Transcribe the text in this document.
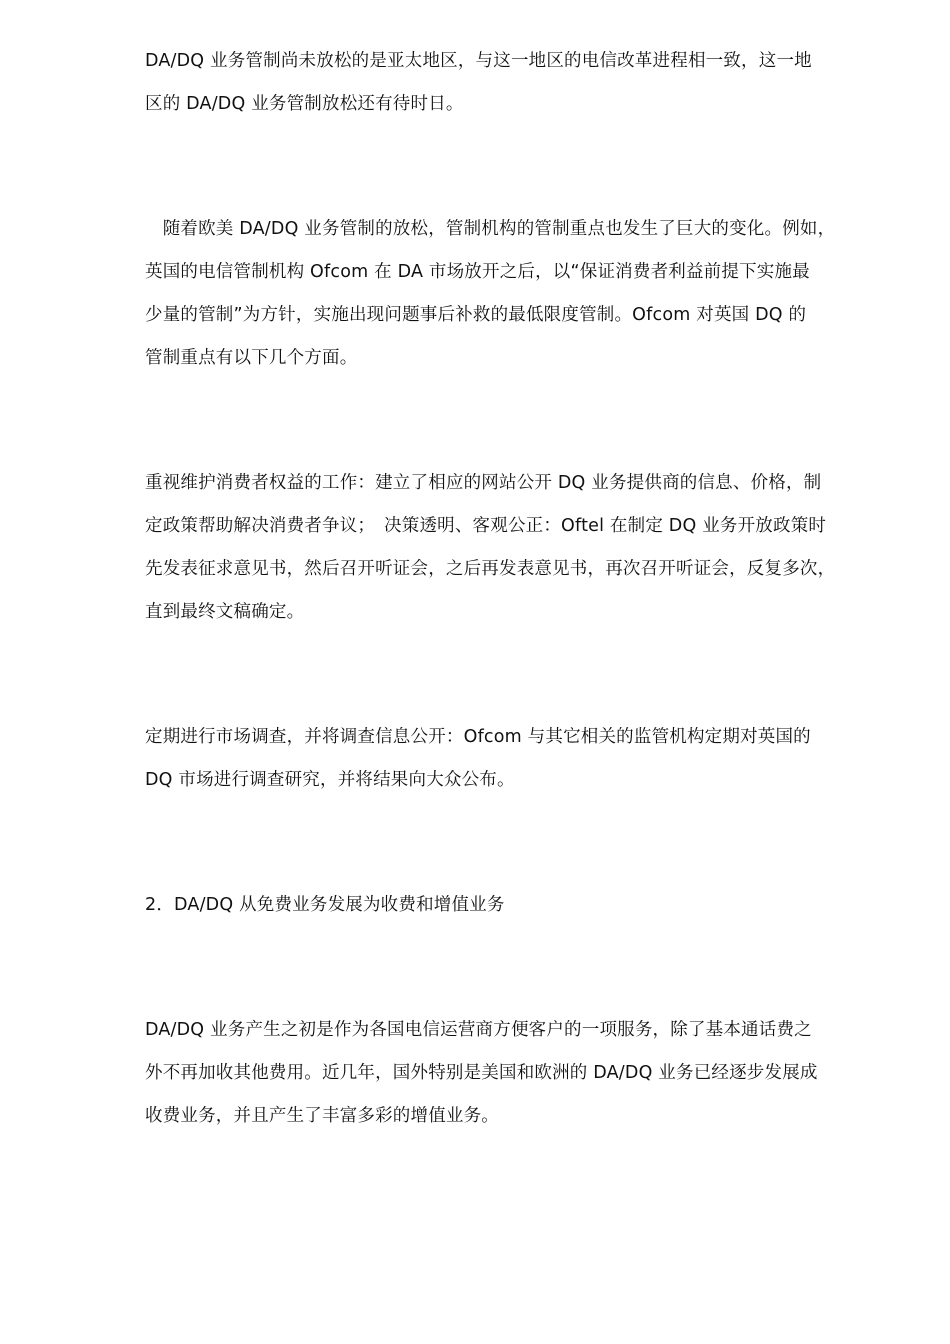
DA/DQ 业务管制尚未放松的是亚太地区，与这一地区的电信改革进程相一致，这一地
区的 DA/DQ 业务管制放松还有待时日。

　随着欧美 DA/DQ 业务管制的放松，管制机构的管制重点也发生了巨大的变化。例如，
英国的电信管制机构 Ofcom 在 DA 市场放开之后，以“保证消费者利益前提下实施最
少量的管制”为方针，实施出现问题事后补救的最低限度管制。Ofcom 对英国 DQ 的
管制重点有以下几个方面。

重视维护消费者权益的工作：建立了相应的网站公开 DQ 业务提供商的信息、价格，制
定政策帮助解决消费者争议；　决策透明、客观公正：Oftel 在制定 DQ 业务开放政策时
先发表征求意见书，然后召开听证会，之后再发表意见书，再次召开听证会，反复多次，
直到最终文稿确定。

定期进行市场调查，并将调查信息公开：Ofcom 与其它相关的监管机构定期对英国的
DQ 市场进行调查研究，并将结果向大众公布。

2．DA/DQ 从免费业务发展为收费和增值业务

DA/DQ 业务产生之初是作为各国电信运营商方便客户的一项服务，除了基本通话费之
外不再加收其他费用。近几年，国外特别是美国和欧洲的 DA/DQ 业务已经逐步发展成
收费业务，并且产生了丰富多彩的增值业务。
